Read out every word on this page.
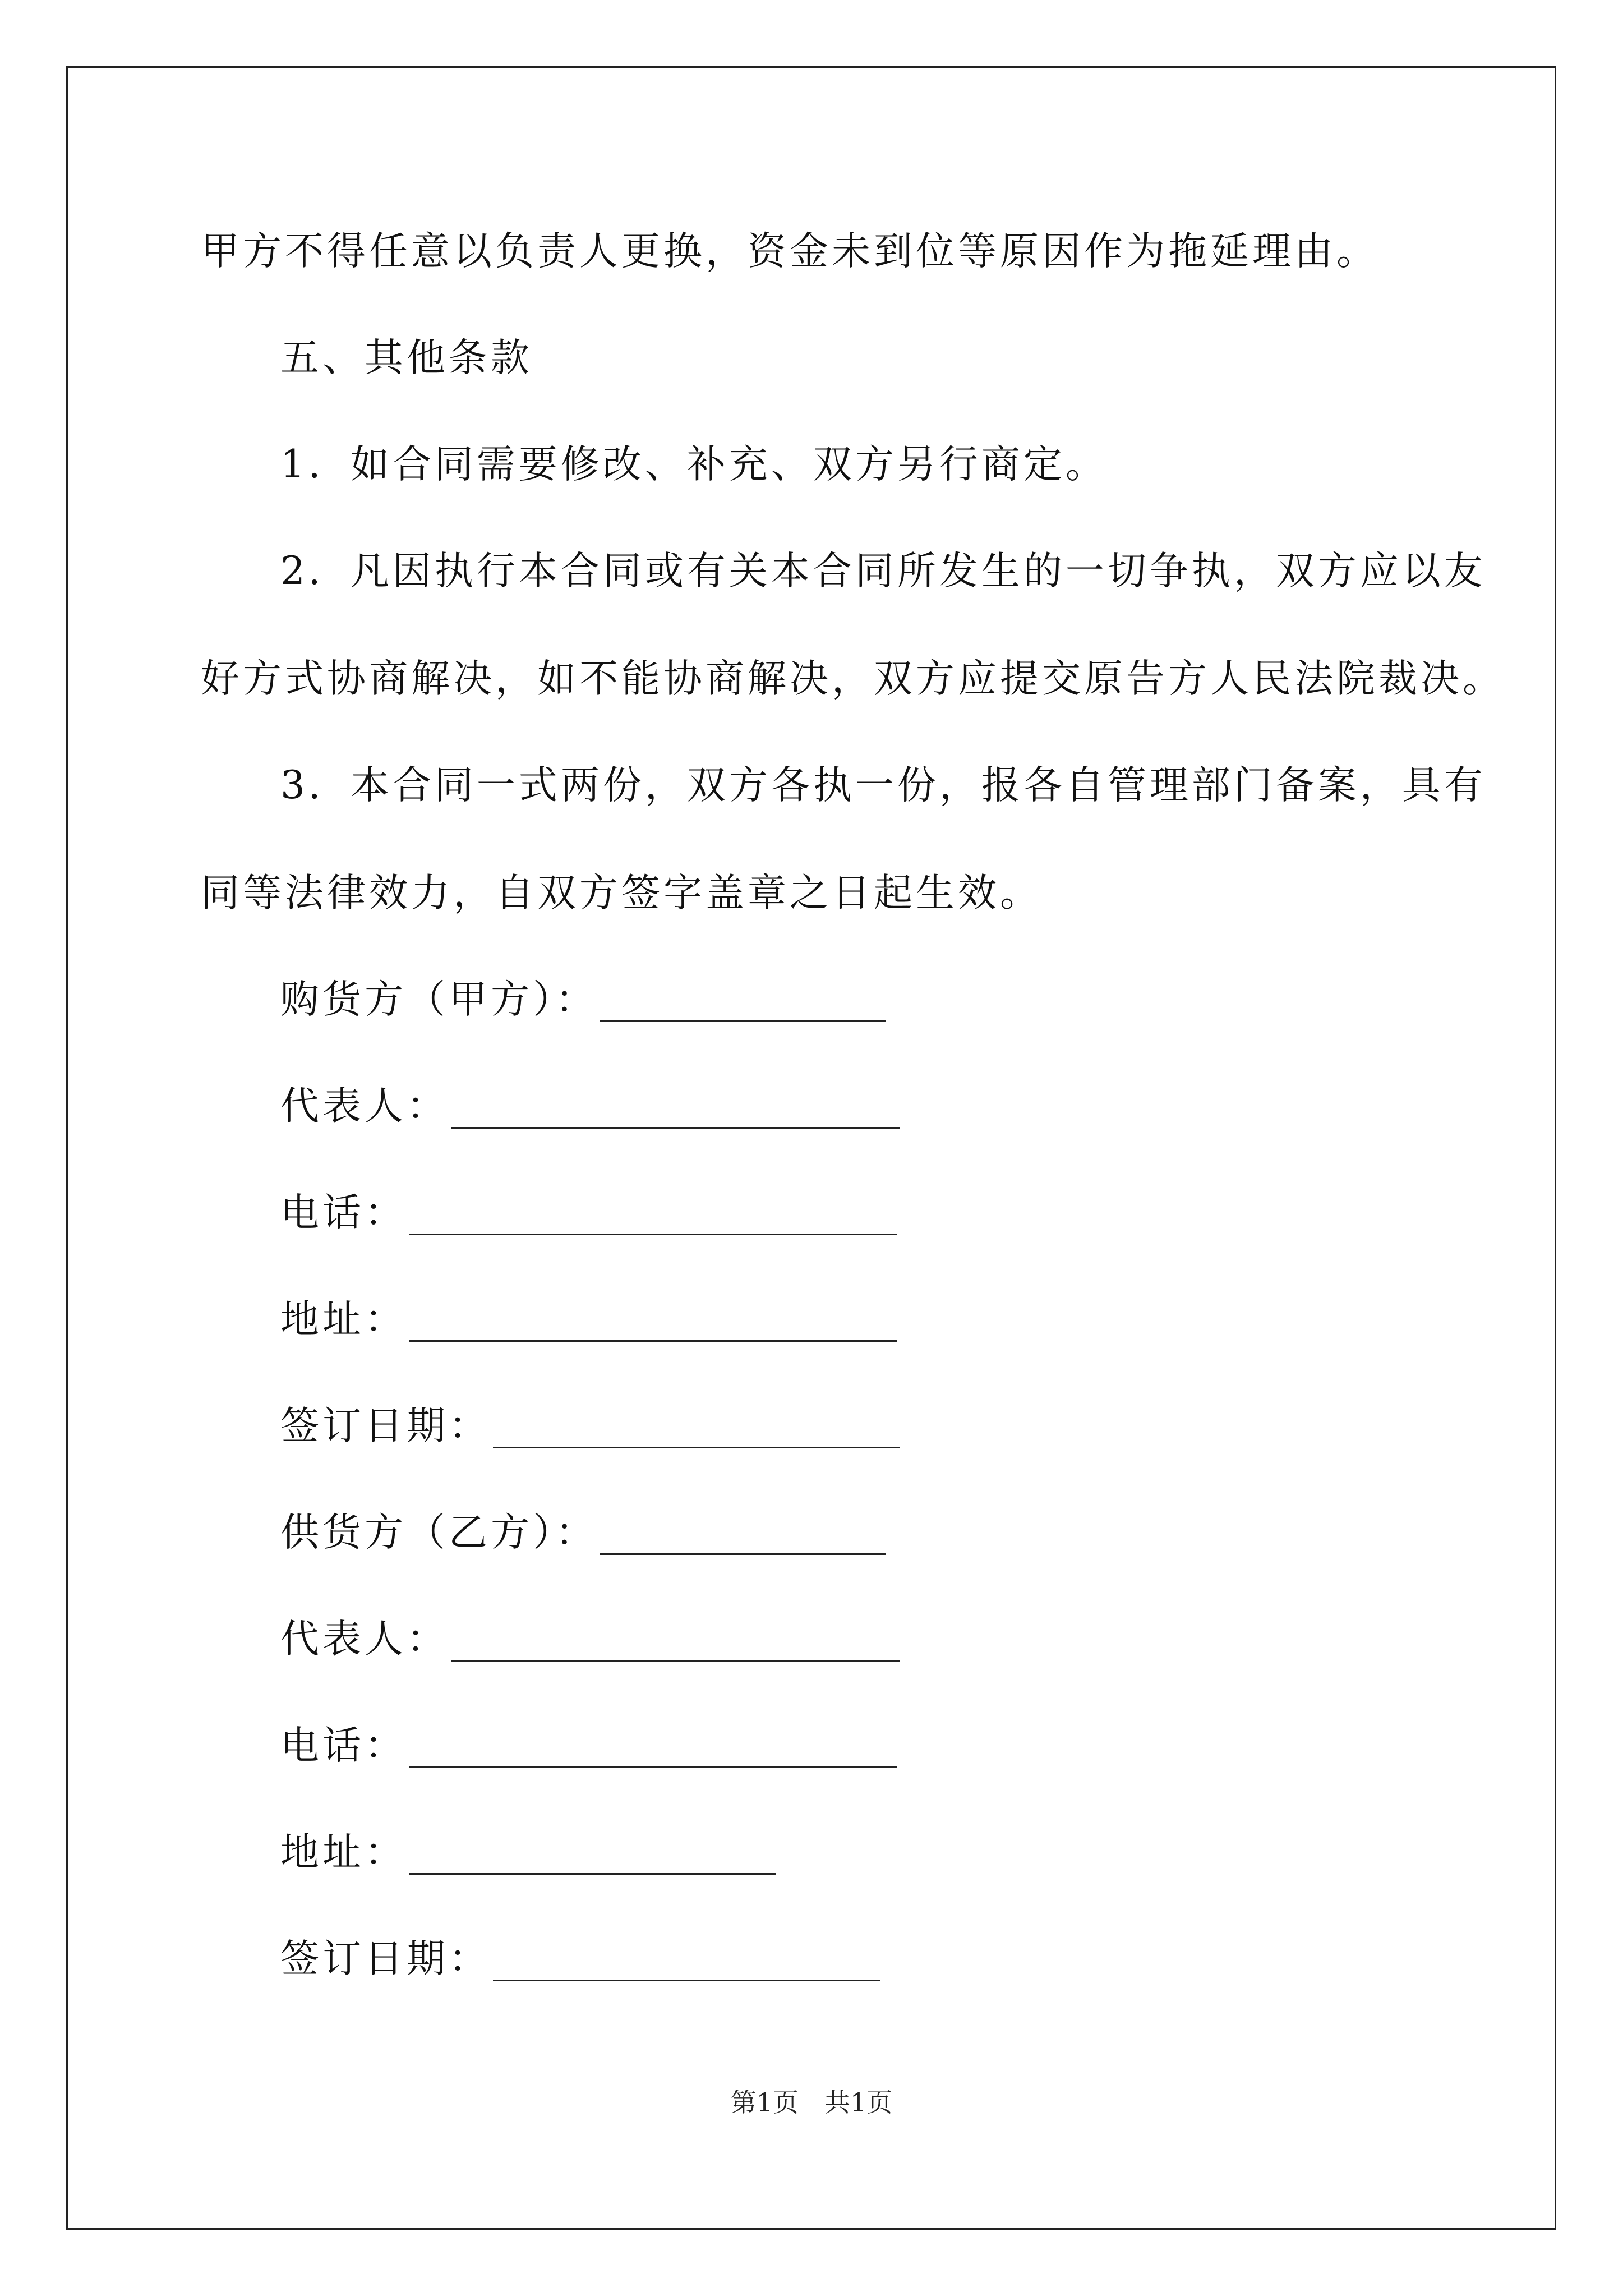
甲方不得任意以负责人更换，资金未到位等原因作为拖延理由。
五、其他条款
1．如合同需要修改、补充、双方另行商定。
2．凡因执行本合同或有关本合同所发生的一切争执，双方应以友
好方式协商解决，如不能协商解决，双方应提交原告方人民法院裁决。
3．本合同一式两份，双方各执一份，报各自管理部门备案，具有
同等法律效力，自双方签字盖章之日起生效。
购货方（甲方）：
代表人：
电话：
地址：
签订日期：
供货方（乙方）：
代表人：
电话：
地址：
签订日期：
第1页　共1页
